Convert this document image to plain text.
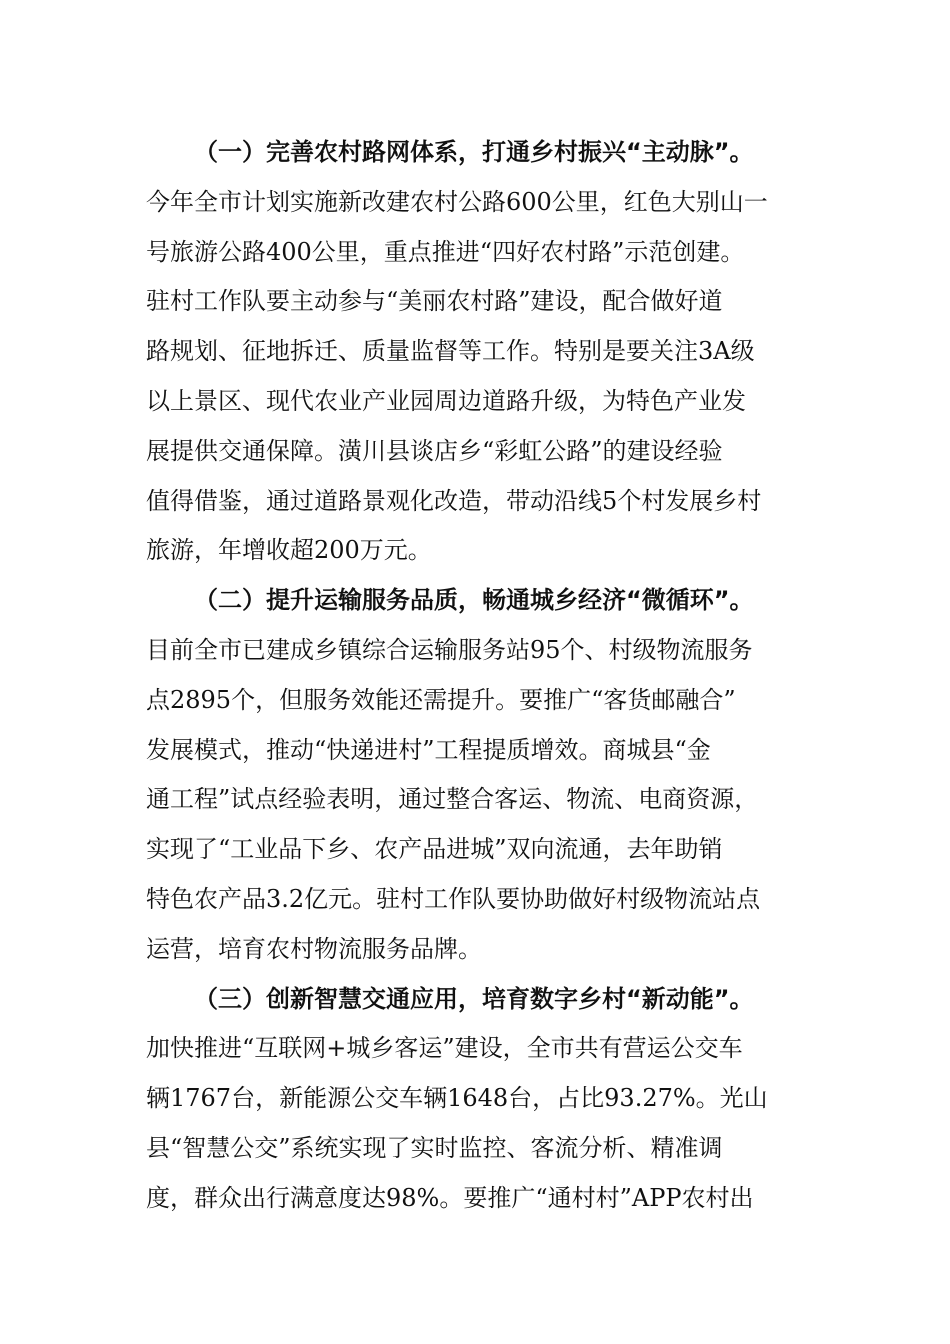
（一）完善农村路网体系，打通乡村振兴“主动脉”。
今年全市计划实施新改建农村公路600公里，红色大别山一
号旅游公路400公里，重点推进“四好农村路”示范创建。
驻村工作队要主动参与“美丽农村路”建设，配合做好道
路规划、征地拆迁、质量监督等工作。特别是要关注3A级
以上景区、现代农业产业园周边道路升级，为特色产业发
展提供交通保障。潢川县谈店乡“彩虹公路”的建设经验
值得借鉴，通过道路景观化改造，带动沿线5个村发展乡村
旅游，年增收超200万元。
（二）提升运输服务品质，畅通城乡经济“微循环”。
目前全市已建成乡镇综合运输服务站95个、村级物流服务
点2895个，但服务效能还需提升。要推广“客货邮融合”
发展模式，推动“快递进村”工程提质增效。商城县“金
通工程”试点经验表明，通过整合客运、物流、电商资源，
实现了“工业品下乡、农产品进城”双向流通，去年助销
特色农产品3.2亿元。驻村工作队要协助做好村级物流站点
运营，培育农村物流服务品牌。
（三）创新智慧交通应用，培育数字乡村“新动能”。
加快推进“互联网+城乡客运”建设，全市共有营运公交车
辆1767台，新能源公交车辆1648台，占比93.27%。光山
县“智慧公交”系统实现了实时监控、客流分析、精准调
度，群众出行满意度达98%。要推广“通村村”APP农村出
